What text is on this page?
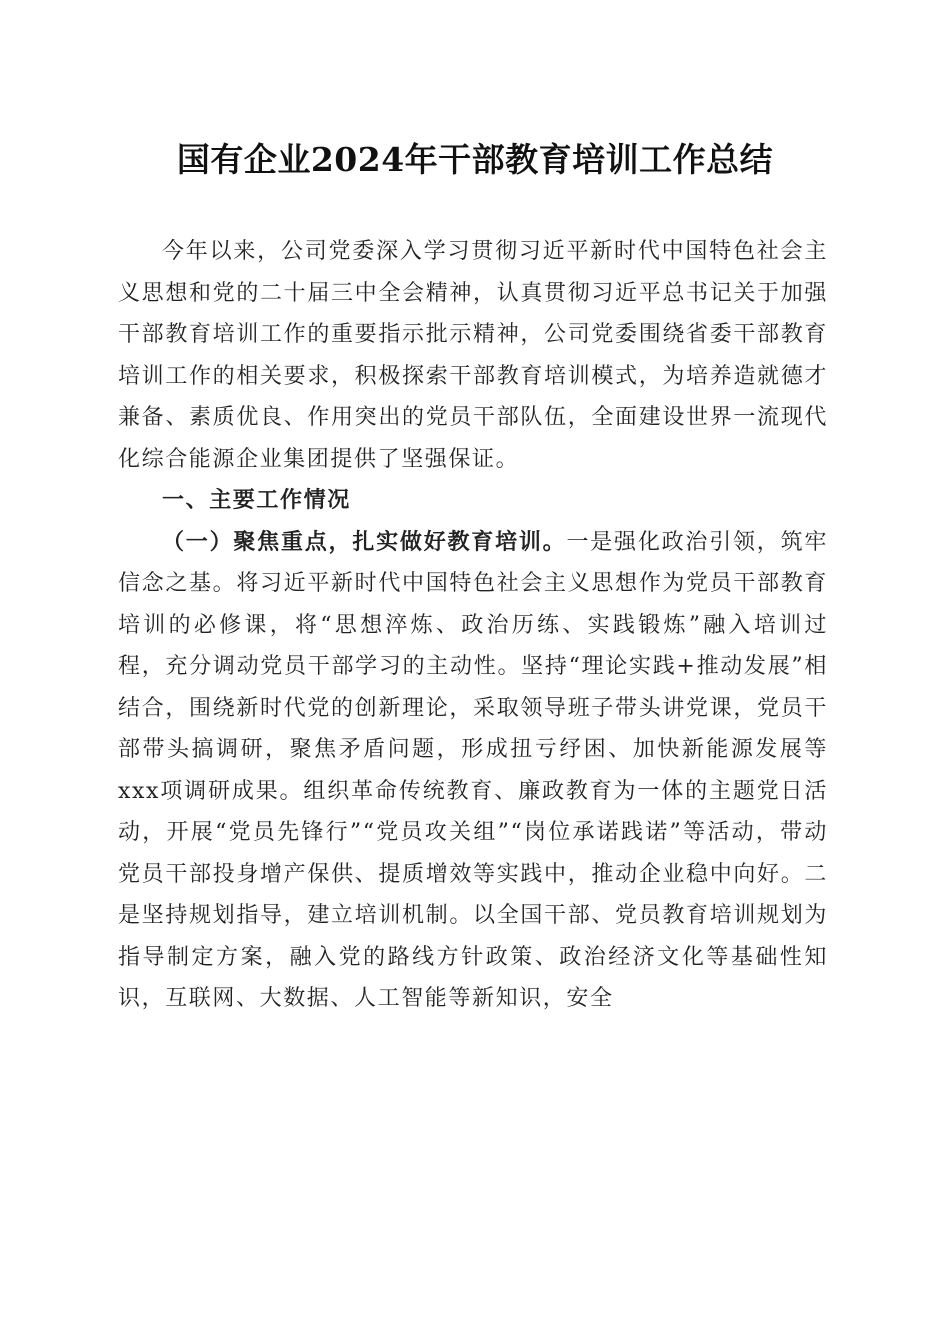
国有企业2024年干部教育培训工作总结

今年以来，公司党委深入学习贯彻习近平新时代中国特色社会主义思想和党的二十届三中全会精神，认真贯彻习近平总书记关于加强干部教育培训工作的重要指示批示精神，公司党委围绕省委干部教育培训工作的相关要求，积极探索干部教育培训模式，为培养造就德才兼备、素质优良、作用突出的党员干部队伍，全面建设世界一流现代化综合能源企业集团提供了坚强保证。

一、主要工作情况

（一）聚焦重点，扎实做好教育培训。一是强化政治引领，筑牢信念之基。将习近平新时代中国特色社会主义思想作为党员干部教育培训的必修课，将“思想淬炼、政治历练、实践锻炼”融入培训过程，充分调动党员干部学习的主动性。坚持“理论实践+推动发展”相结合，围绕新时代党的创新理论，采取领导班子带头讲党课，党员干部带头搞调研，聚焦矛盾问题，形成扭亏纾困、加快新能源发展等xxx项调研成果。组织革命传统教育、廉政教育为一体的主题党日活动，开展“党员先锋行”“党员攻关组”“岗位承诺践诺”等活动，带动党员干部投身增产保供、提质增效等实践中，推动企业稳中向好。二是坚持规划指导，建立培训机制。以全国干部、党员教育培训规划为指导制定方案，融入党的路线方针政策、政治经济文化等基础性知识，互联网、大数据、人工智能等新知识，安全
